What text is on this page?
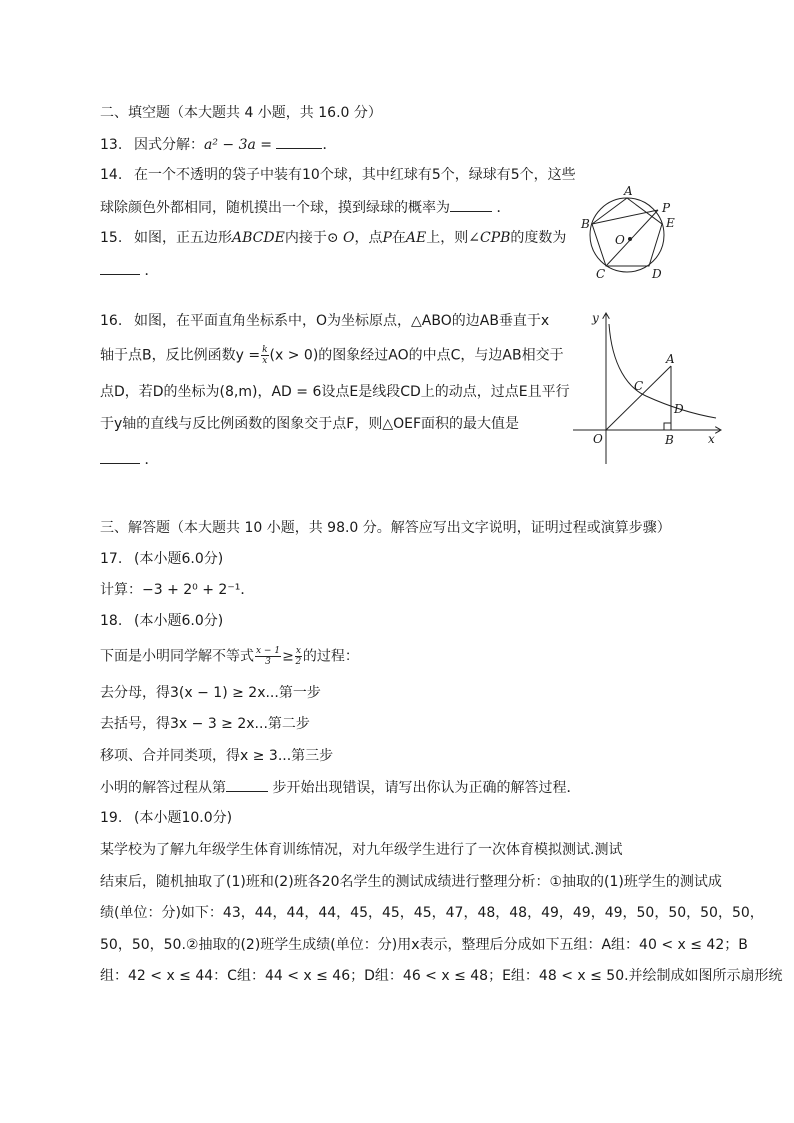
二、填空题（本大题共 4 小题，共 16.0 分）
13. 因式分解：a² − 3a =	．
14. 在一个不透明的袋子中装有10个球，其中红球有5个，绿球有5个，这些
球除颜色外都相同，随机摸出一个球，摸到绿球的概率为	．
15. 如图，正五边形ABCDE内接于⊙ O，点P在AE上，则∠CPB的度数为
．
A
B
C	D
E
P
O
16. 如图，在平面直角坐标系中，O为坐标原点，△ABO的边AB垂直于x
轴于点B，反比例函数$y = \frac{k}{x} (x > 0)$的图象经过AO的中点C，与边AB相交于
点D，若D的坐标为(8,m)，AD = 6设点E是线段CD上的动点，过点E且平行
于y轴的直线与反比例函数的图象交于点F，则△OEF面积的最大值是
．
y
x
O
A
B
C
D
三、解答题（本大题共 10 小题，共 98.0 分。解答应写出文字说明，证明过程或演算步骤）
17. (本小题6.0分)
计算：−3 + 2⁰ + 2⁻¹．
18. (本小题6.0分)
下面是小明同学解不等式 $\frac{x - 1}{3} \ge \frac{x}{2}$ 的过程：
去分母，得3(x − 1) ≥ 2x...第一步
去括号，得3x − 3 ≥ 2x...第二步
移项、合并同类项，得x ≥ 3...第三步
小明的解答过程从第	步开始出现错误，请写出你认为正确的解答过程．
19. (本小题10.0分)
某学校为了解九年级学生体育训练情况，对九年级学生进行了一次体育模拟测试.测试
结束后，随机抽取了(1)班和(2)班各20名学生的测试成绩进行整理分析：①抽取的(1)班学生的测试成
绩(单位：分)如下：43，44，44，44，45，45，45，47，48，48，49，49，49，50，50，50，50，
50，50，50.②抽取的(2)班学生成绩(单位：分)用x表示，整理后分成如下五组：A组：40 < x ≤ 42；B
组：42 < x ≤ 44：C组：44 < x ≤ 46；D组：46 < x ≤ 48；E组：48 < x ≤ 50.并绘制成如图所示扇形统
